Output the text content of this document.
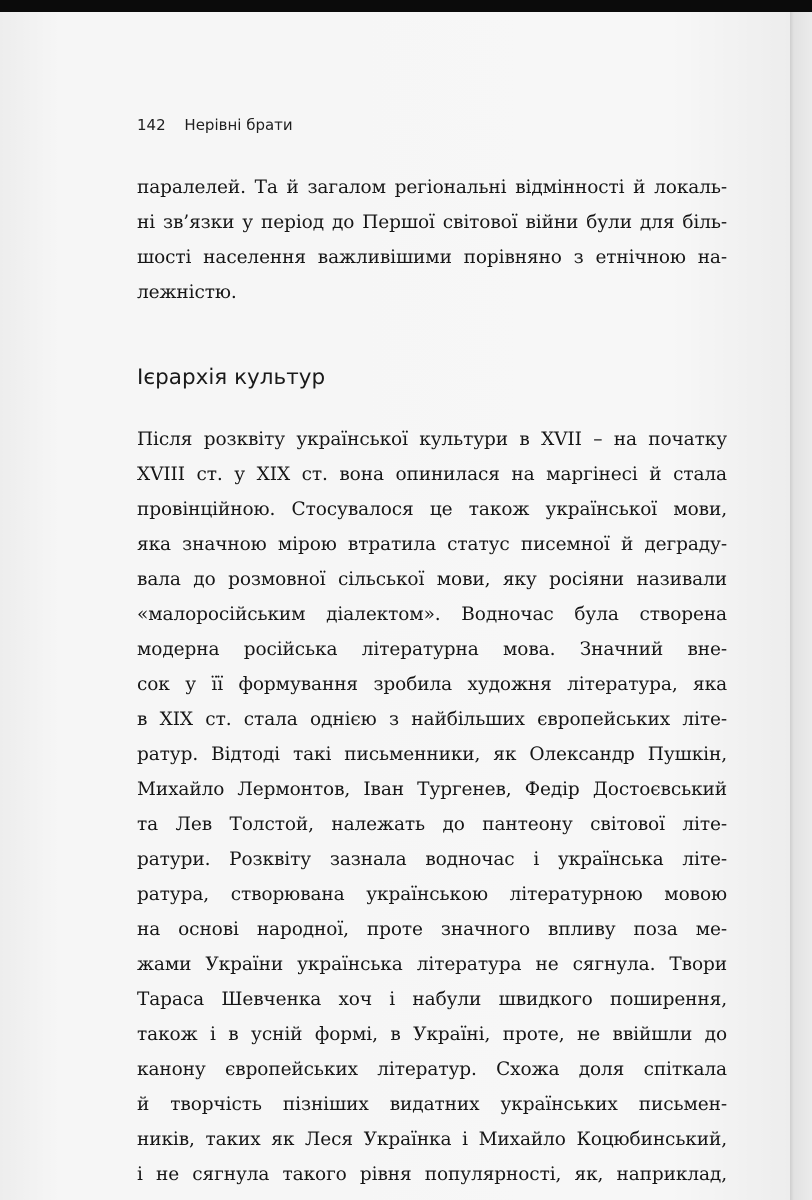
142 Нерівні брати
паралелей. Та й загалом регіональні відмінності й локаль-
ні зв’язки у період до Першої світової війни були для біль-
шості населення важливішими порівняно з етнічною на-
лежністю.
Ієрархія культур
Після розквіту української культури в XVII – на початку
XVIII ст. у XIX ст. вона опинилася на маргінесі й стала
провінційною. Стосувалося це також української мови,
яка значною мірою втратила статус писемної й деграду-
вала до розмовної сільської мови, яку росіяни називали
«малоросійським діалектом». Водночас була створена
модерна російська літературна мова. Значний вне-
сок у її формування зробила художня література, яка
в XIX ст. стала однією з найбільших європейських літе-
ратур. Відтоді такі письменники, як Олександр Пушкін,
Михайло Лермонтов, Іван Тургенев, Федір Достоєвський
та Лев Толстой, належать до пантеону світової літе-
ратури. Розквіту зазнала водночас і українська літе-
ратура, створювана українською літературною мовою
на основі народної, проте значного впливу поза ме-
жами України українська література не сягнула. Твори
Тараса Шевченка хоч і набули швидкого поширення,
також і в усній формі, в Україні, проте, не ввійшли до
канону європейських літератур. Схожа доля спіткала
й творчість пізніших видатних українських письмен-
ників, таких як Леся Українка і Михайло Коцюбинський,
і не сягнула такого рівня популярності, як, наприклад,
